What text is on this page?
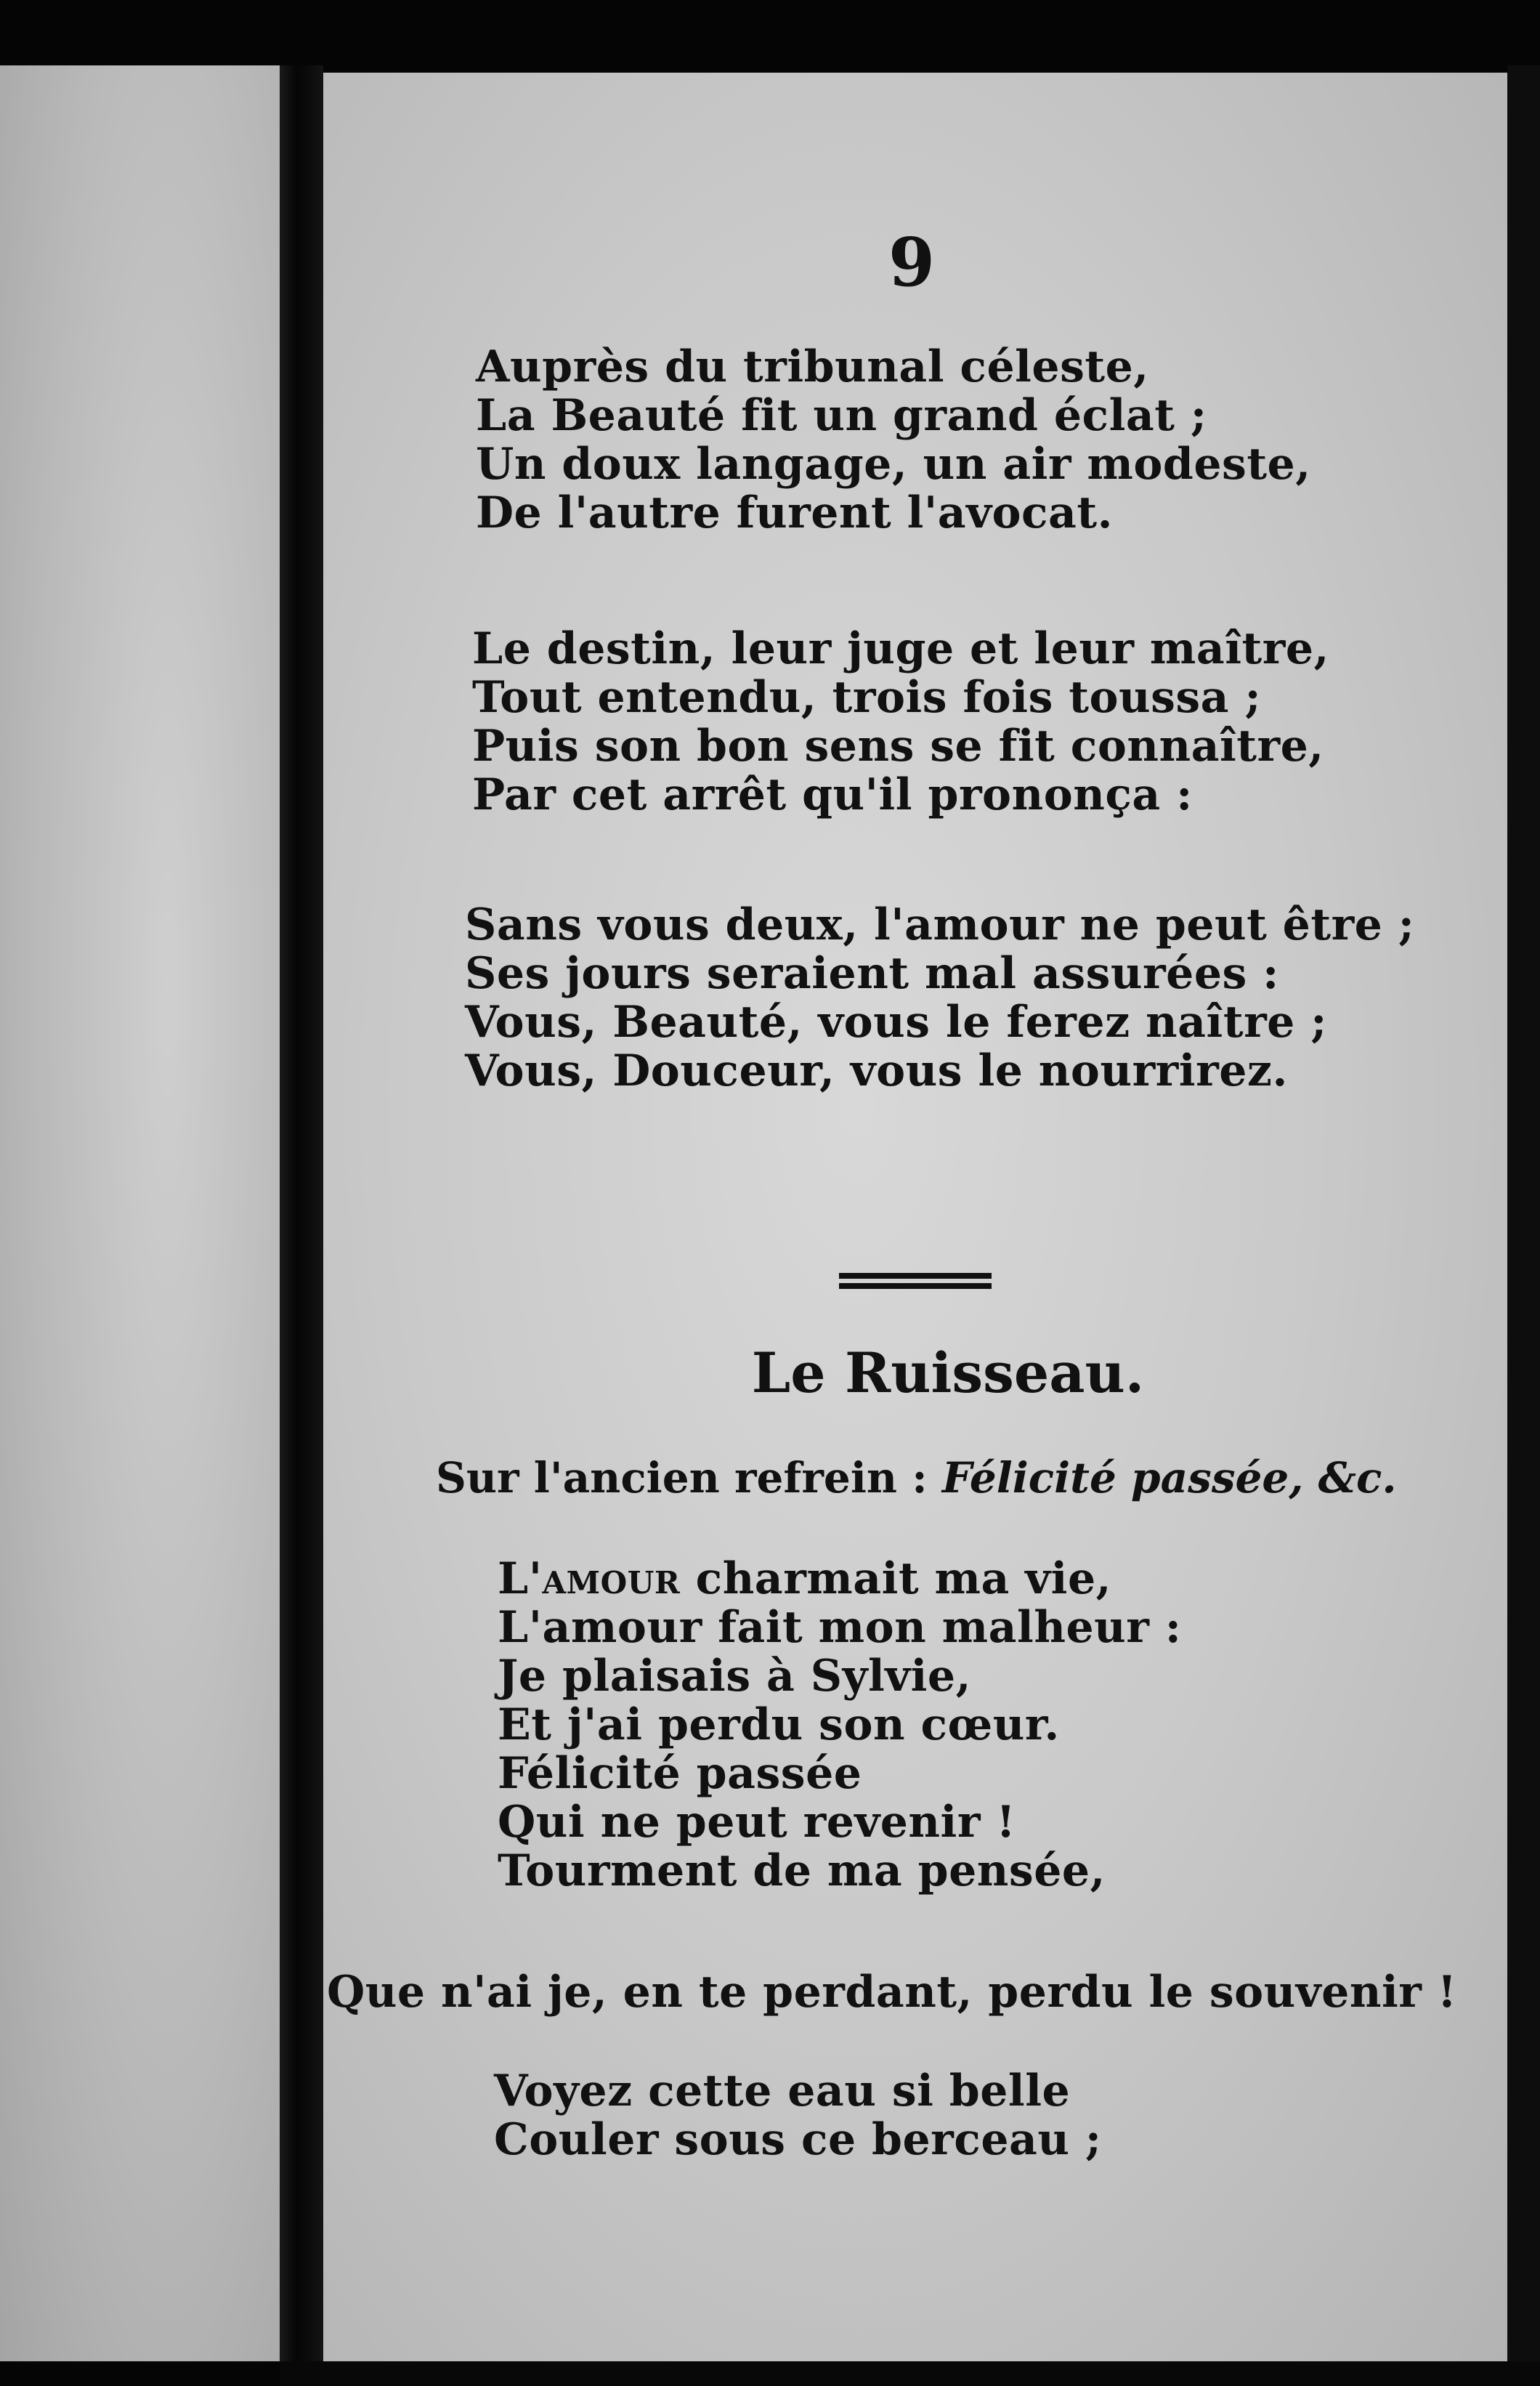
9
Auprès du tribunal céleste,
La Beauté fit un grand éclat ;
Un doux langage, un air modeste,
De l'autre furent l'avocat.
Le destin, leur juge et leur maître,
Tout entendu, trois fois toussa ;
Puis son bon sens se fit connaître,
Par cet arrêt qu'il prononça :
Sans vous deux, l'amour ne peut être ;
Ses jours seraient mal assurées :
Vous, Beauté, vous le ferez naître ;
Vous, Douceur, vous le nourrirez.
Le Ruisseau.
Sur l'ancien refrein : Félicité passée, &c.
L'amour charmait ma vie,
L'amour fait mon malheur :
Je plaisais à Sylvie,
Et j'ai perdu son cœur.
Félicité passée
Qui ne peut revenir !
Tourment de ma pensée,
Que n'ai je, en te perdant, perdu le souvenir !
Voyez cette eau si belle
Couler sous ce berceau ;
